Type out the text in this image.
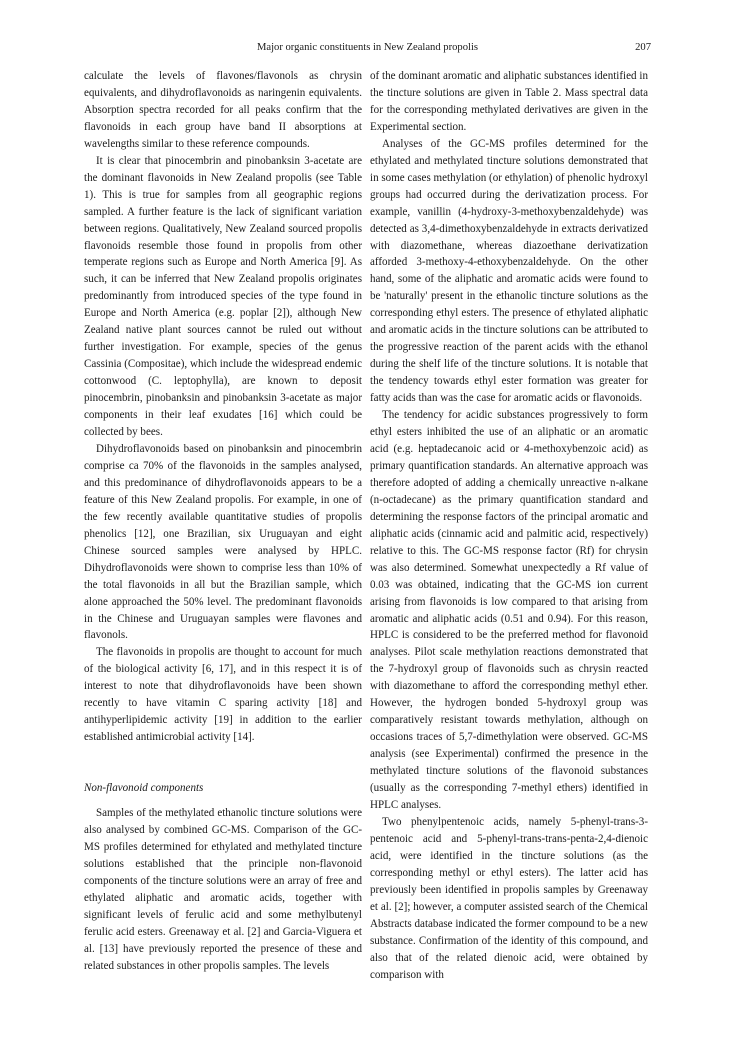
Major organic constituents in New Zealand propolis	207

calculate the levels of flavones/flavonols as chrysin equivalents, and dihydroflavonoids as naringenin equivalents. Absorption spectra recorded for all peaks confirm that the flavonoids in each group have band II absorptions at wavelengths similar to these reference compounds.

It is clear that pinocembrin and pinobanksin 3-acetate are the dominant flavonoids in New Zealand propolis (see Table 1). This is true for samples from all geographic regions sampled. A further feature is the lack of significant variation between regions. Qualitatively, New Zealand sourced propolis flavonoids resemble those found in propolis from other temperate regions such as Europe and North America [9]. As such, it can be inferred that New Zealand propolis originates predominantly from introduced species of the type found in Europe and North America (e.g. poplar [2]), although New Zealand native plant sources cannot be ruled out without further investigation. For example, species of the genus Cassinia (Compositae), which include the widespread endemic cottonwood (C. leptophylla), are known to deposit pinocembrin, pinobanksin and pinobanksin 3-acetate as major components in their leaf exudates [16] which could be collected by bees.

Dihydroflavonoids based on pinobanksin and pinocembrin comprise ca 70% of the flavonoids in the samples analysed, and this predominance of dihydroflavonoids appears to be a feature of this New Zealand propolis. For example, in one of the few recently available quantitative studies of propolis phenolics [12], one Brazilian, six Uruguayan and eight Chinese sourced samples were analysed by HPLC. Dihydroflavonoids were shown to comprise less than 10% of the total flavonoids in all but the Brazilian sample, which alone approached the 50% level. The predominant flavonoids in the Chinese and Uruguayan samples were flavones and flavonols.

The flavonoids in propolis are thought to account for much of the biological activity [6, 17], and in this respect it is of interest to note that dihydroflavonoids have been shown recently to have vitamin C sparing activity [18] and antihyperlipidemic activity [19] in addition to the earlier established antimicrobial activity [14].

Non-flavonoid components

Samples of the methylated ethanolic tincture solutions were also analysed by combined GC-MS. Comparison of the GC-MS profiles determined for ethylated and methylated tincture solutions established that the principle non-flavonoid components of the tincture solutions were an array of free and ethylated aliphatic and aromatic acids, together with significant levels of ferulic acid and some methylbutenyl ferulic acid esters. Greenaway et al. [2] and Garcia-Viguera et al. [13] have previously reported the presence of these and related substances in other propolis samples. The levels

of the dominant aromatic and aliphatic substances identified in the tincture solutions are given in Table 2. Mass spectral data for the corresponding methylated derivatives are given in the Experimental section.

Analyses of the GC-MS profiles determined for the ethylated and methylated tincture solutions demonstrated that in some cases methylation (or ethylation) of phenolic hydroxyl groups had occurred during the derivatization process. For example, vanillin (4-hydroxy-3-methoxybenzaldehyde) was detected as 3,4-dimethoxybenzaldehyde in extracts derivatized with diazomethane, whereas diazoethane derivatization afforded 3-methoxy-4-ethoxybenzaldehyde. On the other hand, some of the aliphatic and aromatic acids were found to be 'naturally' present in the ethanolic tincture solutions as the corresponding ethyl esters. The presence of ethylated aliphatic and aromatic acids in the tincture solutions can be attributed to the progressive reaction of the parent acids with the ethanol during the shelf life of the tincture solutions. It is notable that the tendency towards ethyl ester formation was greater for fatty acids than was the case for aromatic acids or flavonoids.

The tendency for acidic substances progressively to form ethyl esters inhibited the use of an aliphatic or an aromatic acid (e.g. heptadecanoic acid or 4-methoxybenzoic acid) as primary quantification standards. An alternative approach was therefore adopted of adding a chemically unreactive n-alkane (n-octadecane) as the primary quantification standard and determining the response factors of the principal aromatic and aliphatic acids (cinnamic acid and palmitic acid, respectively) relative to this. The GC-MS response factor (Rf) for chrysin was also determined. Somewhat unexpectedly a Rf value of 0.03 was obtained, indicating that the GC-MS ion current arising from flavonoids is low compared to that arising from aromatic and aliphatic acids (0.51 and 0.94). For this reason, HPLC is considered to be the preferred method for flavonoid analyses. Pilot scale methylation reactions demonstrated that the 7-hydroxyl group of flavonoids such as chrysin reacted with diazomethane to afford the corresponding methyl ether. However, the hydrogen bonded 5-hydroxyl group was comparatively resistant towards methylation, although on occasions traces of 5,7-dimethylation were observed. GC-MS analysis (see Experimental) confirmed the presence in the methylated tincture solutions of the flavonoid substances (usually as the corresponding 7-methyl ethers) identified in HPLC analyses.

Two phenylpentenoic acids, namely 5-phenyl-trans-3-pentenoic acid and 5-phenyl-trans-trans-penta-2,4-dienoic acid, were identified in the tincture solutions (as the corresponding methyl or ethyl esters). The latter acid has previously been identified in propolis samples by Greenaway et al. [2]; however, a computer assisted search of the Chemical Abstracts database indicated the former compound to be a new substance. Confirmation of the identity of this compound, and also that of the related dienoic acid, were obtained by comparison with
